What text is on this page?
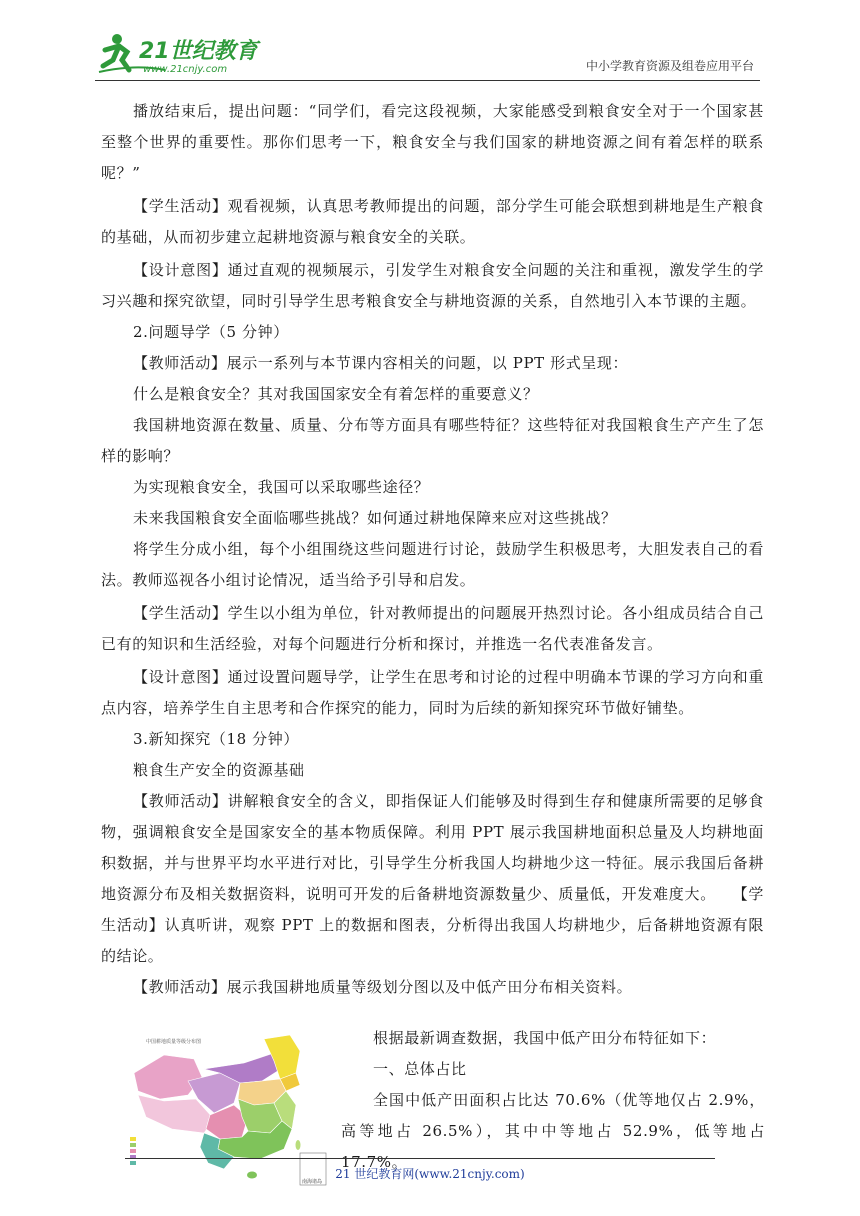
21世纪教育
www.21cnjy.com	中小学教育资源及组卷应用平台

播放结束后，提出问题：“同学们，看完这段视频，大家能感受到粮食安全对于一个国家甚至整个世界的重要性。那你们思考一下，粮食安全与我们国家的耕地资源之间有着怎样的联系呢？”

【学生活动】观看视频，认真思考教师提出的问题，部分学生可能会联想到耕地是生产粮食的基础，从而初步建立起耕地资源与粮食安全的关联。

【设计意图】通过直观的视频展示，引发学生对粮食安全问题的关注和重视，激发学生的学习兴趣和探究欲望，同时引导学生思考粮食安全与耕地资源的关系，自然地引入本节课的主题。

2.问题导学（5 分钟）

【教师活动】展示一系列与本节课内容相关的问题，以 PPT 形式呈现：

什么是粮食安全？其对我国国家安全有着怎样的重要意义？

我国耕地资源在数量、质量、分布等方面具有哪些特征？这些特征对我国粮食生产产生了怎样的影响？

为实现粮食安全，我国可以采取哪些途径？

未来我国粮食安全面临哪些挑战？如何通过耕地保障来应对这些挑战？

将学生分成小组，每个小组围绕这些问题进行讨论，鼓励学生积极思考，大胆发表自己的看法。教师巡视各小组讨论情况，适当给予引导和启发。

【学生活动】学生以小组为单位，针对教师提出的问题展开热烈讨论。各小组成员结合自己已有的知识和生活经验，对每个问题进行分析和探讨，并推选一名代表准备发言。

【设计意图】通过设置问题导学，让学生在思考和讨论的过程中明确本节课的学习方向和重点内容，培养学生自主思考和合作探究的能力，同时为后续的新知探究环节做好铺垫。

3.新知探究（18 分钟）

粮食生产安全的资源基础

【教师活动】讲解粮食安全的含义，即指保证人们能够及时得到生存和健康所需要的足够食物，强调粮食安全是国家安全的基本物质保障。利用 PPT 展示我国耕地面积总量及人均耕地面积数据，并与世界平均水平进行对比，引导学生分析我国人均耕地少这一特征。展示我国后备耕地资源分布及相关数据资料，说明可开发的后备耕地资源数量少、质量低，开发难度大。　　【学生活动】认真听讲，观察 PPT 上的数据和图表，分析得出我国人均耕地少，后备耕地资源有限的结论。

【教师活动】展示我国耕地质量等级划分图以及中低产田分布相关资料。

中国耕地质量等级分布图
南海诸岛

根据最新调查数据，我国中低产田分布特征如下：

一、总体占比

全国中低产田面积占比达 70.6%（优等地仅占 2.9%，高等地占 26.5%），其中中等地占 52.9%，低等地占 17.7%。

21 世纪教育网(www.21cnjy.com)
